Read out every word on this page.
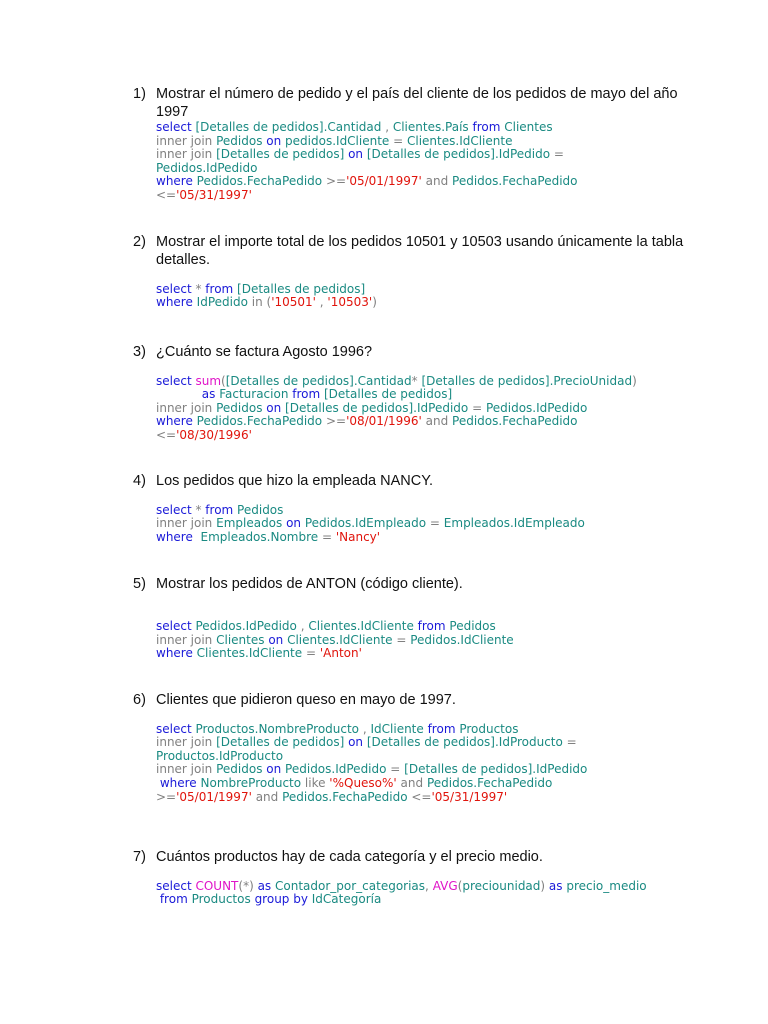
1) Mostrar el número de pedido y el país del cliente de los pedidos de mayo del año 1997
select [Detalles de pedidos].Cantidad , Clientes.País from Clientes
inner join Pedidos on pedidos.IdCliente = Clientes.IdCliente
inner join [Detalles de pedidos] on [Detalles de pedidos].IdPedido =
Pedidos.IdPedido
where Pedidos.FechaPedido >='05/01/1997' and Pedidos.FechaPedido
<='05/31/1997'
2) Mostrar el importe total de los pedidos 10501 y 10503 usando únicamente la tabla detalles.
select * from [Detalles de pedidos]
where IdPedido in ('10501' , '10503')
3) ¿Cuánto se factura Agosto 1996?
select sum([Detalles de pedidos].Cantidad* [Detalles de pedidos].PrecioUnidad)
as Facturacion from [Detalles de pedidos]
inner join Pedidos on [Detalles de pedidos].IdPedido = Pedidos.IdPedido
where Pedidos.FechaPedido >='08/01/1996' and Pedidos.FechaPedido
<='08/30/1996'
4) Los pedidos que hizo la empleada NANCY.
select * from Pedidos
inner join Empleados on Pedidos.IdEmpleado = Empleados.IdEmpleado
where  Empleados.Nombre = 'Nancy'
5) Mostrar los pedidos de ANTON (código cliente).
select Pedidos.IdPedido , Clientes.IdCliente from Pedidos
inner join Clientes on Clientes.IdCliente = Pedidos.IdCliente
where Clientes.IdCliente = 'Anton'
6) Clientes que pidieron queso en mayo de 1997.
select Productos.NombreProducto , IdCliente from Productos
inner join [Detalles de pedidos] on [Detalles de pedidos].IdProducto =
Productos.IdProducto
inner join Pedidos on Pedidos.IdPedido = [Detalles de pedidos].IdPedido
where NombreProducto like '%Queso%' and Pedidos.FechaPedido
>='05/01/1997' and Pedidos.FechaPedido <='05/31/1997'
7) Cuántos productos hay de cada categoría y el precio medio.
select COUNT(*) as Contador_por_categorias, AVG(preciounidad) as precio_medio
from Productos group by IdCategoría
